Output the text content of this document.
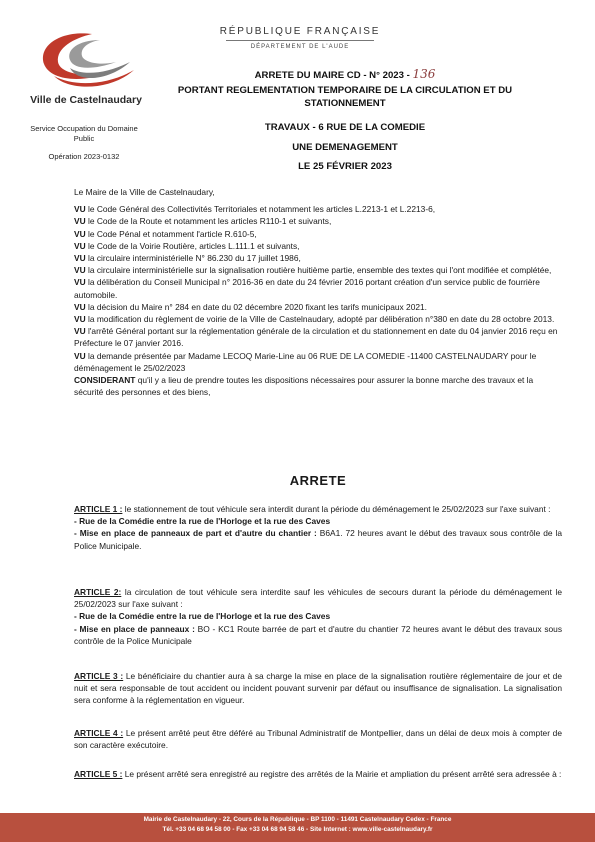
Ville de Castelnaudary
Service Occupation du Domaine Public
Opération 2023-0132
RÉPUBLIQUE FRANÇAISE
DÉPARTEMENT DE L'AUDE
ARRETE DU MAIRE CD - N° 2023 - 136
PORTANT REGLEMENTATION TEMPORAIRE DE LA CIRCULATION ET DU STATIONNEMENT
TRAVAUX - 6 RUE DE LA COMEDIE
UNE DEMENAGEMENT
LE 25 FÉVRIER 2023

Le Maire de la Ville de Castelnaudary,

VU le Code Général des Collectivités Territoriales et notamment les articles L.2213-1 et L.2213-6,

VU le Code de la Route et notamment les articles R110-1 et suivants,

VU le Code Pénal et notamment l'article R.610-5,

VU le Code de la Voirie Routière, articles L.111.1 et suivants,

VU la circulaire interministérielle N° 86.230 du 17 juillet 1986,

VU la circulaire interministérielle sur la signalisation routière huitième partie, ensemble des textes qui l'ont modifiée et complétée,

VU la délibération du Conseil Municipal n° 2016-36 en date du 24 février 2016 portant création d'un service public de fourrière automobile.

VU la décision du Maire n° 284 en date du 02 décembre 2020 fixant les tarifs municipaux 2021.

VU la modification du règlement de voirie de la Ville de Castelnaudary, adopté par délibération n°380 en date du 28 octobre 2013.

VU l'arrêté Général portant sur la réglementation générale de la circulation et du stationnement en date du 04 janvier 2016 reçu en Préfecture le 07 janvier 2016.

VU la demande présentée par Madame LECOQ Marie-Line au 06 RUE DE LA COMEDIE -11400 CASTELNAUDARY pour le déménagement le 25/02/2023

CONSIDERANT qu'il y a lieu de prendre toutes les dispositions nécessaires pour assurer la bonne marche des travaux et la sécurité des personnes et des biens,

ARRETE

ARTICLE 1 : le stationnement de tout véhicule sera interdit durant la période du déménagement le 25/02/2023 sur l'axe suivant :

- Rue de la Comédie entre la rue de l'Horloge et la rue des Caves

- Mise en place de panneaux de part et d'autre du chantier : B6A1. 72 heures avant le début des travaux sous contrôle de la Police Municipale.

ARTICLE 2: la circulation de tout véhicule sera interdite sauf les véhicules de secours durant la période du déménagement le 25/02/2023 sur l'axe suivant :

- Rue de la Comédie entre la rue de l'Horloge et la rue des Caves

- Mise en place de panneaux : BO - KC1 Route barrée de part et d'autre du chantier 72 heures avant le début des travaux sous contrôle de la Police Municipale

ARTICLE 3 : Le bénéficiaire du chantier aura à sa charge la mise en place de la signalisation routière réglementaire de jour et de nuit et sera responsable de tout accident ou incident pouvant survenir par défaut ou insuffisance de signalisation. La signalisation sera conforme à la réglementation en vigueur.

ARTICLE 4 : Le présent arrêté peut être déféré au Tribunal Administratif de Montpellier, dans un délai de deux mois à compter de son caractère exécutoire.

ARTICLE 5 : Le présent arrêté sera enregistré au registre des arrêtés de la Mairie et ampliation du présent arrêté sera adressée à :

Mairie de Castelnaudary - 22, Cours de la République - BP 1100 - 11491 Castelnaudary Cedex - France
Tél. +33 04 68 94 58 00 - Fax +33 04 68 94 58 46 - Site Internet : www.ville-castelnaudary.fr
